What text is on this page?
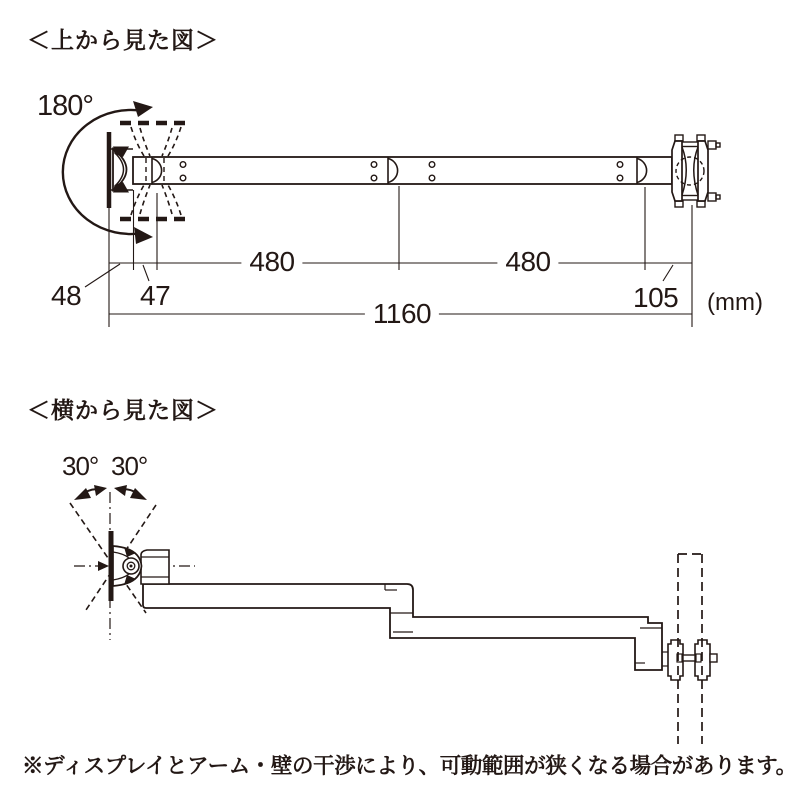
＜上から見た図＞
180°
480	480
48 47	105
1160	(mm)
＜横から見た図＞
30° 30°
※ディスプレイとアーム・壁の干渉により、可動範囲が狭くなる場合があります。
